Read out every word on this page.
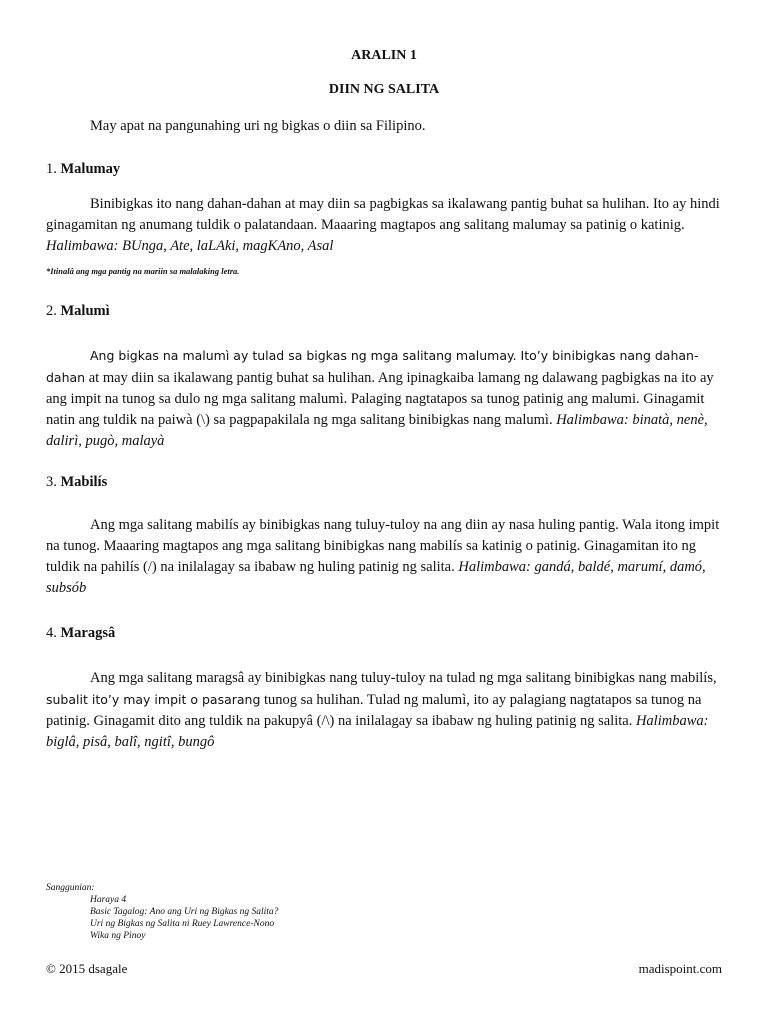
ARALIN 1
DIIN NG SALITA
May apat na pangunahing uri ng bigkas o diin sa Filipino.
1. Malumay

Binibigkas ito nang dahan-dahan at may diin sa pagbigkas sa ikalawang pantig buhat sa hulihan. Ito ay hindi ginagamitan ng anumang tuldik o palatandaan. Maaaring magtapos ang salitang malumay sa patinig o katinig. Halimbawa: BUnga, Ate, laLAki, magKAno, Asal

*Itinalâ ang mga pantig na mariin sa malalaking letra.
2. Malumì

Ang bigkas na malumì ay tulad sa bigkas ng mga salitang malumay. Ito’y binibigkas nang dahan-dahan at may diin sa ikalawang pantig buhat sa hulihan. Ang ipinagkaiba lamang ng dalawang pagbigkas na ito ay ang impit na tunog sa dulo ng mga salitang malumì. Palaging nagtatapos sa tunog patinig ang malumi. Ginagamit natin ang tuldik na paiwà (\) sa pagpapakilala ng mga salitang binibigkas nang malumì. Halimbawa: binatà, nenè, dalirì, pugò, malayà

3. Mabilís

Ang mga salitang mabilís ay binibigkas nang tuluy-tuloy na ang diin ay nasa huling pantig. Wala itong impit na tunog. Maaaring magtapos ang mga salitang binibigkas nang mabilís sa katinig o patinig. Ginagamitan ito ng tuldik na pahilís (/) na inilalagay sa ibabaw ng huling patinig ng salita. Halimbawa: gandá, baldé, marumí, damó, subsób

4. Maragsâ

Ang mga salitang maragsâ ay binibigkas nang tuluy-tuloy na tulad ng mga salitang binibigkas nang mabilís, subalit ito’y may impit o pasarang tunog sa hulihan. Tulad ng malumì, ito ay palagiang nagtatapos sa tunog na patinig. Ginagamit dito ang tuldik na pakupyâ (/\) na inilalagay sa ibabaw ng huling patinig ng salita. Halimbawa: biglâ, pisâ, balî, ngitî, bungô

Sanggunian:
Haraya 4
Basic Tagalog: Ano ang Uri ng Bigkas ng Salita?
Uri ng Bigkas ng Salita ni Ruey Lawrence-Nono
Wika ng Pinoy
© 2015 dsagale	madispoint.com
